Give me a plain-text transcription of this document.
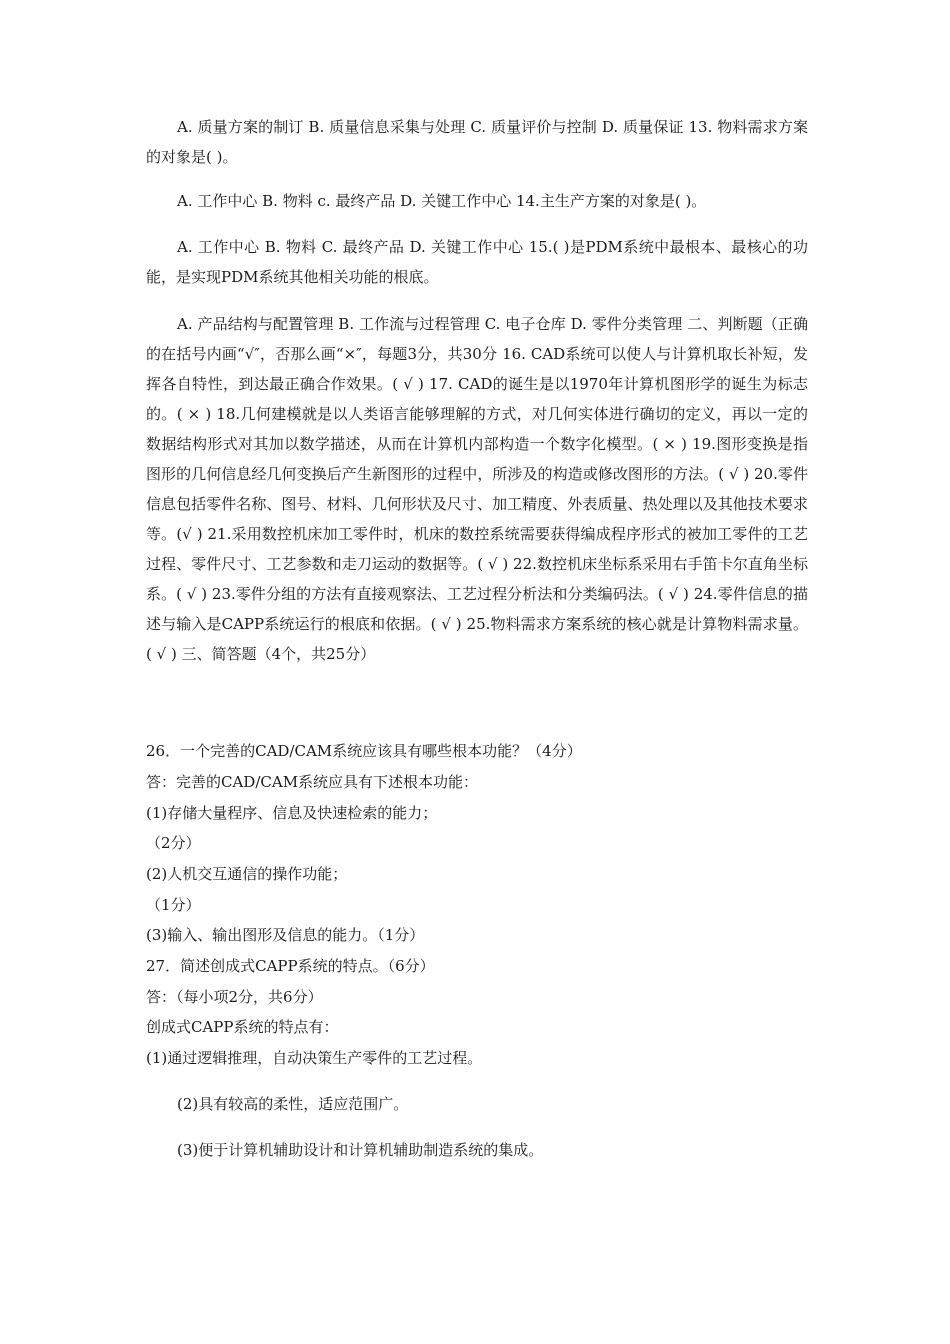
A. 质量方案的制订 B. 质量信息采集与处理 C. 质量评价与控制 D. 质量保证 13. 物料需求方案的对象是( )。

A. 工作中心 B. 物料 c. 最终产品 D. 关键工作中心 14.主生产方案的对象是( )。

A. 工作中心 B. 物料 C. 最终产品 D. 关键工作中心 15.( )是PDM系统中最根本、最核心的功能，是实现PDM系统其他相关功能的根底。

A. 产品结构与配置管理 B. 工作流与过程管理 C. 电子仓库 D. 零件分类管理 二、判断题（正确的在括号内画“√″，否那么画“×″，每题3分，共30分 16. CAD系统可以使人与计算机取长补短，发挥各自特性，到达最正确合作效果。( √ ) 17. CAD的诞生是以1970年计算机图形学的诞生为标志的。( × ) 18.几何建模就是以人类语言能够理解的方式，对几何实体进行确切的定义，再以一定的数据结构形式对其加以数学描述，从而在计算机内部构造一个数字化模型。( × ) 19.图形变换是指图形的几何信息经几何变换后产生新图形的过程中，所涉及的构造或修改图形的方法。( √ ) 20.零件信息包括零件名称、图号、材料、几何形状及尺寸、加工精度、外表质量、热处理以及其他技术要求等。(√ ) 21.采用数控机床加工零件时，机床的数控系统需要获得编成程序形式的被加工零件的工艺过程、零件尺寸、工艺参数和走刀运动的数据等。( √ ) 22.数控机床坐标系采用右手笛卡尔直角坐标系。( √ ) 23.零件分组的方法有直接观察法、工艺过程分析法和分类编码法。( √ ) 24.零件信息的描述与输入是CAPP系统运行的根底和依据。( √ ) 25.物料需求方案系统的核心就是计算物料需求量。( √ ) 三、简答题（4个，共25分）

26．一个完善的CAD/CAM系统应该具有哪些根本功能？（4分）

答：完善的CAD/CAM系统应具有下述根本功能：

(1)存储大量程序、信息及快速检索的能力；

（2分）

(2)人机交互通信的操作功能；

（1分）

(3)输入、输出图形及信息的能力。（1分）

27．简述创成式CAPP系统的特点。（6分）

答：（每小项2分，共6分）

创成式CAPP系统的特点有：

(1)通过逻辑推理，自动决策生产零件的工艺过程。

(2)具有较高的柔性，适应范围广。

(3)便于计算机辅助设计和计算机辅助制造系统的集成。
